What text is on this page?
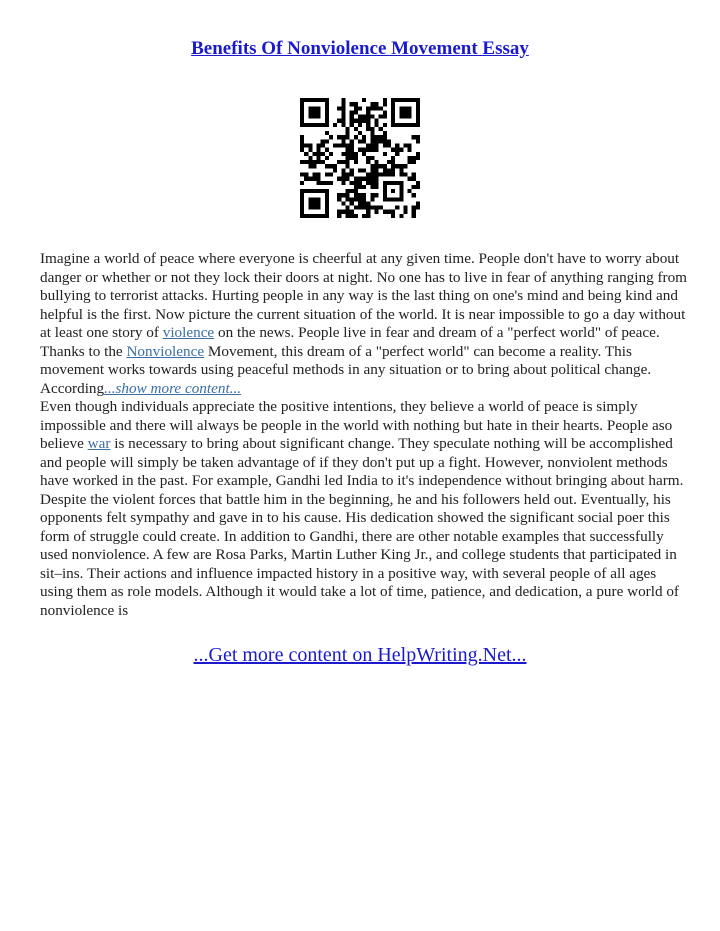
Benefits Of Nonviolence Movement Essay

Imagine a world of peace where everyone is cheerful at any given time. People don't have to worry about danger or whether or not they lock their doors at night. No one has to live in fear of anything ranging from bullying to terrorist attacks. Hurting people in any way is the last thing on one's mind and being kind and helpful is the first. Now picture the current situation of the world. It is near impossible to go a day without at least one story of violence on the news. People live in fear and dream of a "perfect world" of peace. Thanks to the Nonviolence Movement, this dream of a "perfect world" can become a reality. This movement works towards using peaceful methods in any situation or to bring about political change. According...show more content...

Even though individuals appreciate the positive intentions, they believe a world of peace is simply impossible and there will always be people in the world with nothing but hate in their hearts. People aso believe war is necessary to bring about significant change. They speculate nothing will be accomplished and people will simply be taken advantage of if they don't put up a fight. However, nonviolent methods have worked in the past. For example, Gandhi led India to it's independence without bringing about harm. Despite the violent forces that battle him in the beginning, he and his followers held out. Eventually, his opponents felt sympathy and gave in to his cause. His dedication showed the significant social poer this form of struggle could create. In addition to Gandhi, there are other notable examples that successfully used nonviolence. A few are Rosa Parks, Martin Luther King Jr., and college students that participated in sit–ins. Their actions and influence impacted history in a positive way, with several people of all ages using them as role models. Although it would take a lot of time, patience, and dedication, a pure world of nonviolence is

...Get more content on HelpWriting.Net...
